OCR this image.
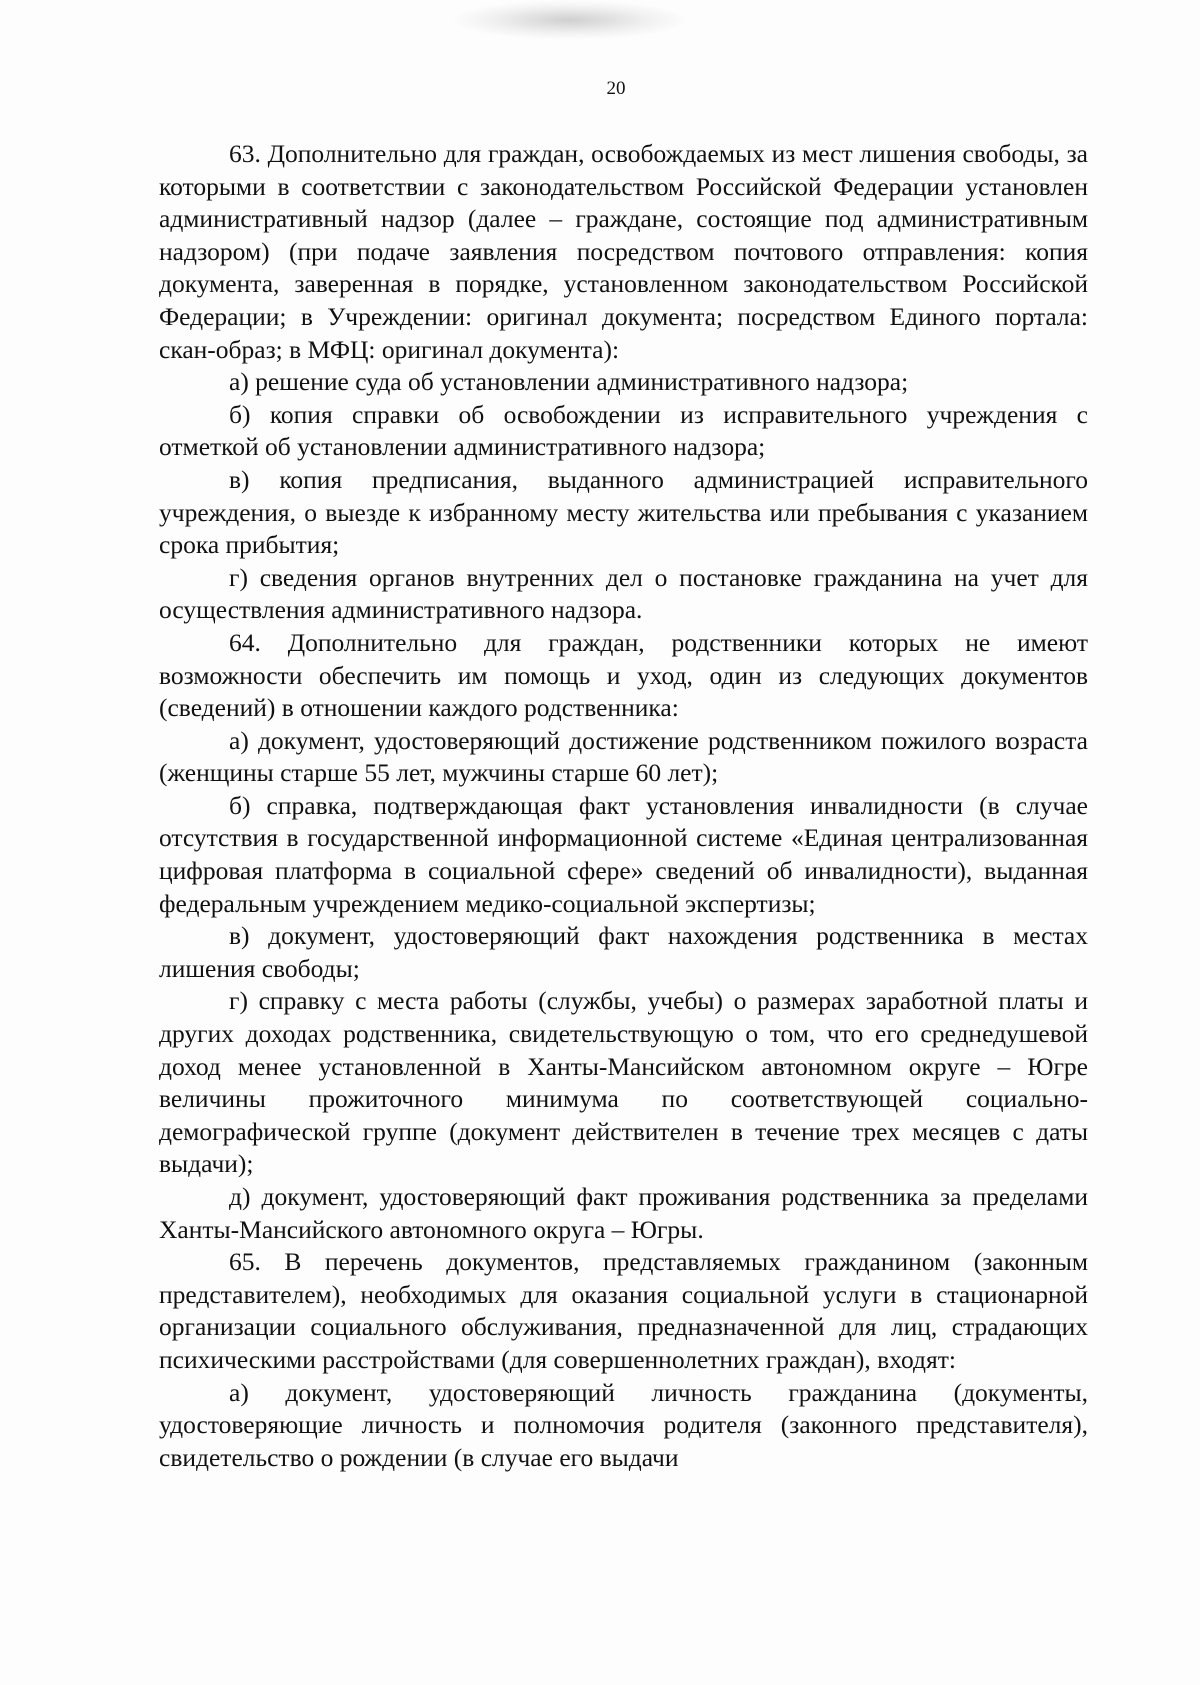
20

63. Дополнительно для граждан, освобождаемых из мест лишения свободы, за которыми в соответствии с законодательством Российской Федерации установлен административный надзор (далее – граждане, состоящие под административным надзором) (при подаче заявления посредством почтового отправления: копия документа, заверенная в порядке, установленном законодательством Российской Федерации; в Учреждении: оригинал документа; посредством Единого портала: скан-образ; в МФЦ: оригинал документа):

а) решение суда об установлении административного надзора;

б) копия справки об освобождении из исправительного учреждения с отметкой об установлении административного надзора;

в) копия предписания, выданного администрацией исправительного учреждения, о выезде к избранному месту жительства или пребывания с указанием срока прибытия;

г) сведения органов внутренних дел о постановке гражданина на учет для осуществления административного надзора.

64. Дополнительно для граждан, родственники которых не имеют возможности обеспечить им помощь и уход, один из следующих документов (сведений) в отношении каждого родственника:

а) документ, удостоверяющий достижение родственником пожилого возраста (женщины старше 55 лет, мужчины старше 60 лет);

б) справка, подтверждающая факт установления инвалидности (в случае отсутствия в государственной информационной системе «Единая централизованная цифровая платформа в социальной сфере» сведений об инвалидности), выданная федеральным учреждением медико-социальной экспертизы;

в) документ, удостоверяющий факт нахождения родственника в местах лишения свободы;

г) справку с места работы (службы, учебы) о размерах заработной платы и других доходах родственника, свидетельствующую о том, что его среднедушевой доход менее установленной в Ханты-Мансийском автономном округе – Югре величины прожиточного минимума по соответствующей социально-демографической группе (документ действителен в течение трех месяцев с даты выдачи);

д) документ, удостоверяющий факт проживания родственника за пределами Ханты-Мансийского автономного округа – Югры.

65. В перечень документов, представляемых гражданином (законным представителем), необходимых для оказания социальной услуги в стационарной организации социального обслуживания, предназначенной для лиц, страдающих психическими расстройствами (для совершеннолетних граждан), входят:

а) документ, удостоверяющий личность гражданина (документы, удостоверяющие личность и полномочия родителя (законного представителя), свидетельство о рождении (в случае его выдачи
